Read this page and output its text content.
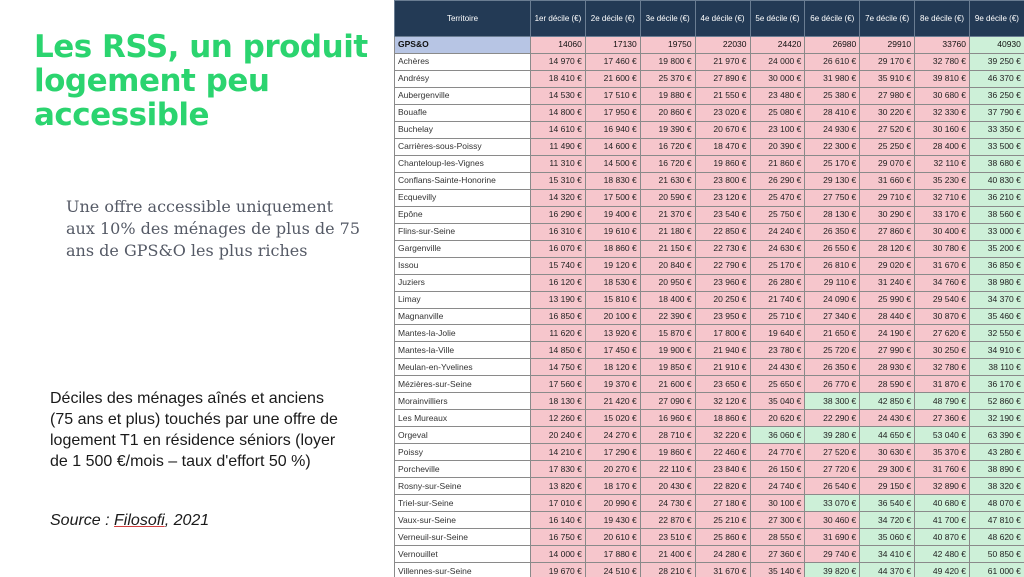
Les RSS, un produit logement peu accessible
Une offre accessible uniquement aux 10% des ménages de plus de 75 ans de GPS&O les plus riches
Déciles des ménages aînés et anciens (75 ans et plus) touchés par une offre de logement T1 en résidence séniors (loyer de 1 500 €/mois – taux d'effort 50 %)
Source : Filosofi, 2021
Territoire	1er décile (€)	2e décile (€)	3e décile (€)	4e décile (€)	5e décile (€)	6e décile (€)	7e décile (€)	8e décile (€)	9e décile (€)
GPS&O	14060	17130	19750	22030	24420	26980	29910	33760	40930
Achères	14 970 €	17 460 €	19 800 €	21 970 €	24 000 €	26 610 €	29 170 €	32 780 €	39 250 €
Andrésy	18 410 €	21 600 €	25 370 €	27 890 €	30 000 €	31 980 €	35 910 €	39 810 €	46 370 €
Aubergenville	14 530 €	17 510 €	19 880 €	21 550 €	23 480 €	25 380 €	27 980 €	30 680 €	36 250 €
Bouafle	14 800 €	17 950 €	20 860 €	23 020 €	25 080 €	28 410 €	30 220 €	32 330 €	37 790 €
Buchelay	14 610 €	16 940 €	19 390 €	20 670 €	23 100 €	24 930 €	27 520 €	30 160 €	33 350 €
Carrières-sous-Poissy	11 490 €	14 600 €	16 720 €	18 470 €	20 390 €	22 300 €	25 250 €	28 400 €	33 500 €
Chanteloup-les-Vignes	11 310 €	14 500 €	16 720 €	19 860 €	21 860 €	25 170 €	29 070 €	32 110 €	38 680 €
Conflans-Sainte-Honorine	15 310 €	18 830 €	21 630 €	23 800 €	26 290 €	29 130 €	31 660 €	35 230 €	40 830 €
Ecquevilly	14 320 €	17 500 €	20 590 €	23 120 €	25 470 €	27 750 €	29 710 €	32 710 €	36 210 €
Epône	16 290 €	19 400 €	21 370 €	23 540 €	25 750 €	28 130 €	30 290 €	33 170 €	38 560 €
Flins-sur-Seine	16 310 €	19 610 €	21 180 €	22 850 €	24 240 €	26 350 €	27 860 €	30 400 €	33 000 €
Gargenville	16 070 €	18 860 €	21 150 €	22 730 €	24 630 €	26 550 €	28 120 €	30 780 €	35 200 €
Issou	15 740 €	19 120 €	20 840 €	22 790 €	25 170 €	26 810 €	29 020 €	31 670 €	36 850 €
Juziers	16 120 €	18 530 €	20 950 €	23 960 €	26 280 €	29 110 €	31 240 €	34 760 €	38 980 €
Limay	13 190 €	15 810 €	18 400 €	20 250 €	21 740 €	24 090 €	25 990 €	29 540 €	34 370 €
Magnanville	16 850 €	20 100 €	22 390 €	23 950 €	25 710 €	27 340 €	28 440 €	30 870 €	35 460 €
Mantes-la-Jolie	11 620 €	13 920 €	15 870 €	17 800 €	19 640 €	21 650 €	24 190 €	27 620 €	32 550 €
Mantes-la-Ville	14 850 €	17 450 €	19 900 €	21 940 €	23 780 €	25 720 €	27 990 €	30 250 €	34 910 €
Meulan-en-Yvelines	14 750 €	18 120 €	19 850 €	21 910 €	24 430 €	26 350 €	28 930 €	32 780 €	38 110 €
Mézières-sur-Seine	17 560 €	19 370 €	21 600 €	23 650 €	25 650 €	26 770 €	28 590 €	31 870 €	36 170 €
Morainvilliers	18 130 €	21 420 €	27 090 €	32 120 €	35 040 €	38 300 €	42 850 €	48 790 €	52 860 €
Les Mureaux	12 260 €	15 020 €	16 960 €	18 860 €	20 620 €	22 290 €	24 430 €	27 360 €	32 190 €
Orgeval	20 240 €	24 270 €	28 710 €	32 220 €	36 060 €	39 280 €	44 650 €	53 040 €	63 390 €
Poissy	14 210 €	17 290 €	19 860 €	22 460 €	24 770 €	27 520 €	30 630 €	35 370 €	43 280 €
Porcheville	17 830 €	20 270 €	22 110 €	23 840 €	26 150 €	27 720 €	29 300 €	31 760 €	38 890 €
Rosny-sur-Seine	13 820 €	18 170 €	20 430 €	22 820 €	24 740 €	26 540 €	29 150 €	32 890 €	38 320 €
Triel-sur-Seine	17 010 €	20 990 €	24 730 €	27 180 €	30 100 €	33 070 €	36 540 €	40 680 €	48 070 €
Vaux-sur-Seine	16 140 €	19 430 €	22 870 €	25 210 €	27 300 €	30 460 €	34 720 €	41 700 €	47 810 €
Verneuil-sur-Seine	16 750 €	20 610 €	23 510 €	25 860 €	28 550 €	31 690 €	35 060 €	40 870 €	48 620 €
Vernouillet	14 000 €	17 880 €	21 400 €	24 280 €	27 360 €	29 740 €	34 410 €	42 480 €	50 850 €
Villennes-sur-Seine	19 670 €	24 510 €	28 210 €	31 670 €	35 140 €	39 820 €	44 370 €	49 420 €	61 000 €
